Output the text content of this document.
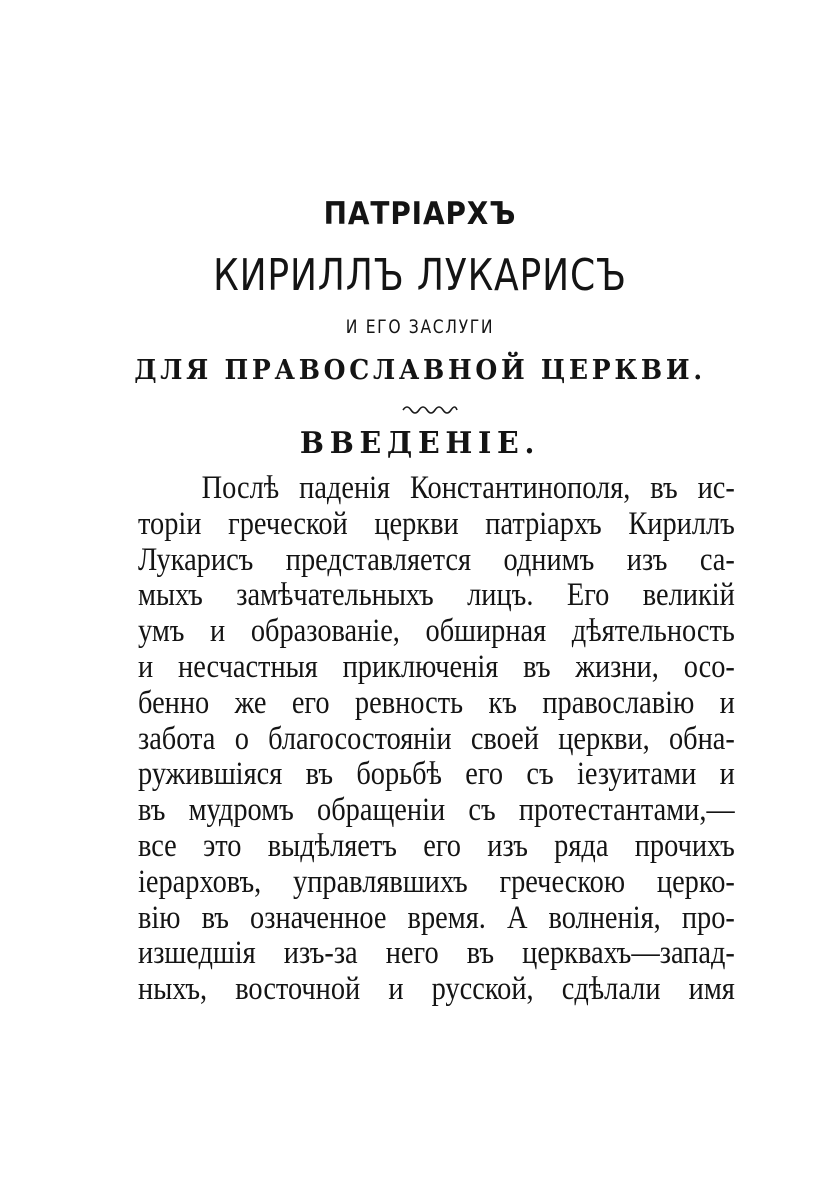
ПАТРІАРХЪ
КИРИЛЛЪ ЛУКАРИСЪ
И ЕГО ЗАСЛУГИ
ДЛЯ ПРАВОСЛАВНОЙ ЦЕРКВИ.
ВВЕДЕНІЕ.
Послѣ паденія Константинополя, въ ис-
торіи греческой церкви патріархъ Кириллъ
Лукарисъ представляется однимъ изъ са-
мыхъ замѣчательныхъ лицъ. Его великій
умъ и образованіе, обширная дѣятельность
и несчастныя приключенія въ жизни, осо-
бенно же его ревность къ православію и
забота о благосостояніи своей церкви, обна-
ружившіяся въ борьбѣ его съ іезуитами и
въ мудромъ обращеніи съ протестантами,—
все это выдѣляетъ его изъ ряда прочихъ
іерарховъ, управлявшихъ греческою церко-
вію въ означенное время. А волненія, про-
изшедшія изъ-за него въ церквахъ—запад-
ныхъ, восточной и русской, сдѣлали имя
